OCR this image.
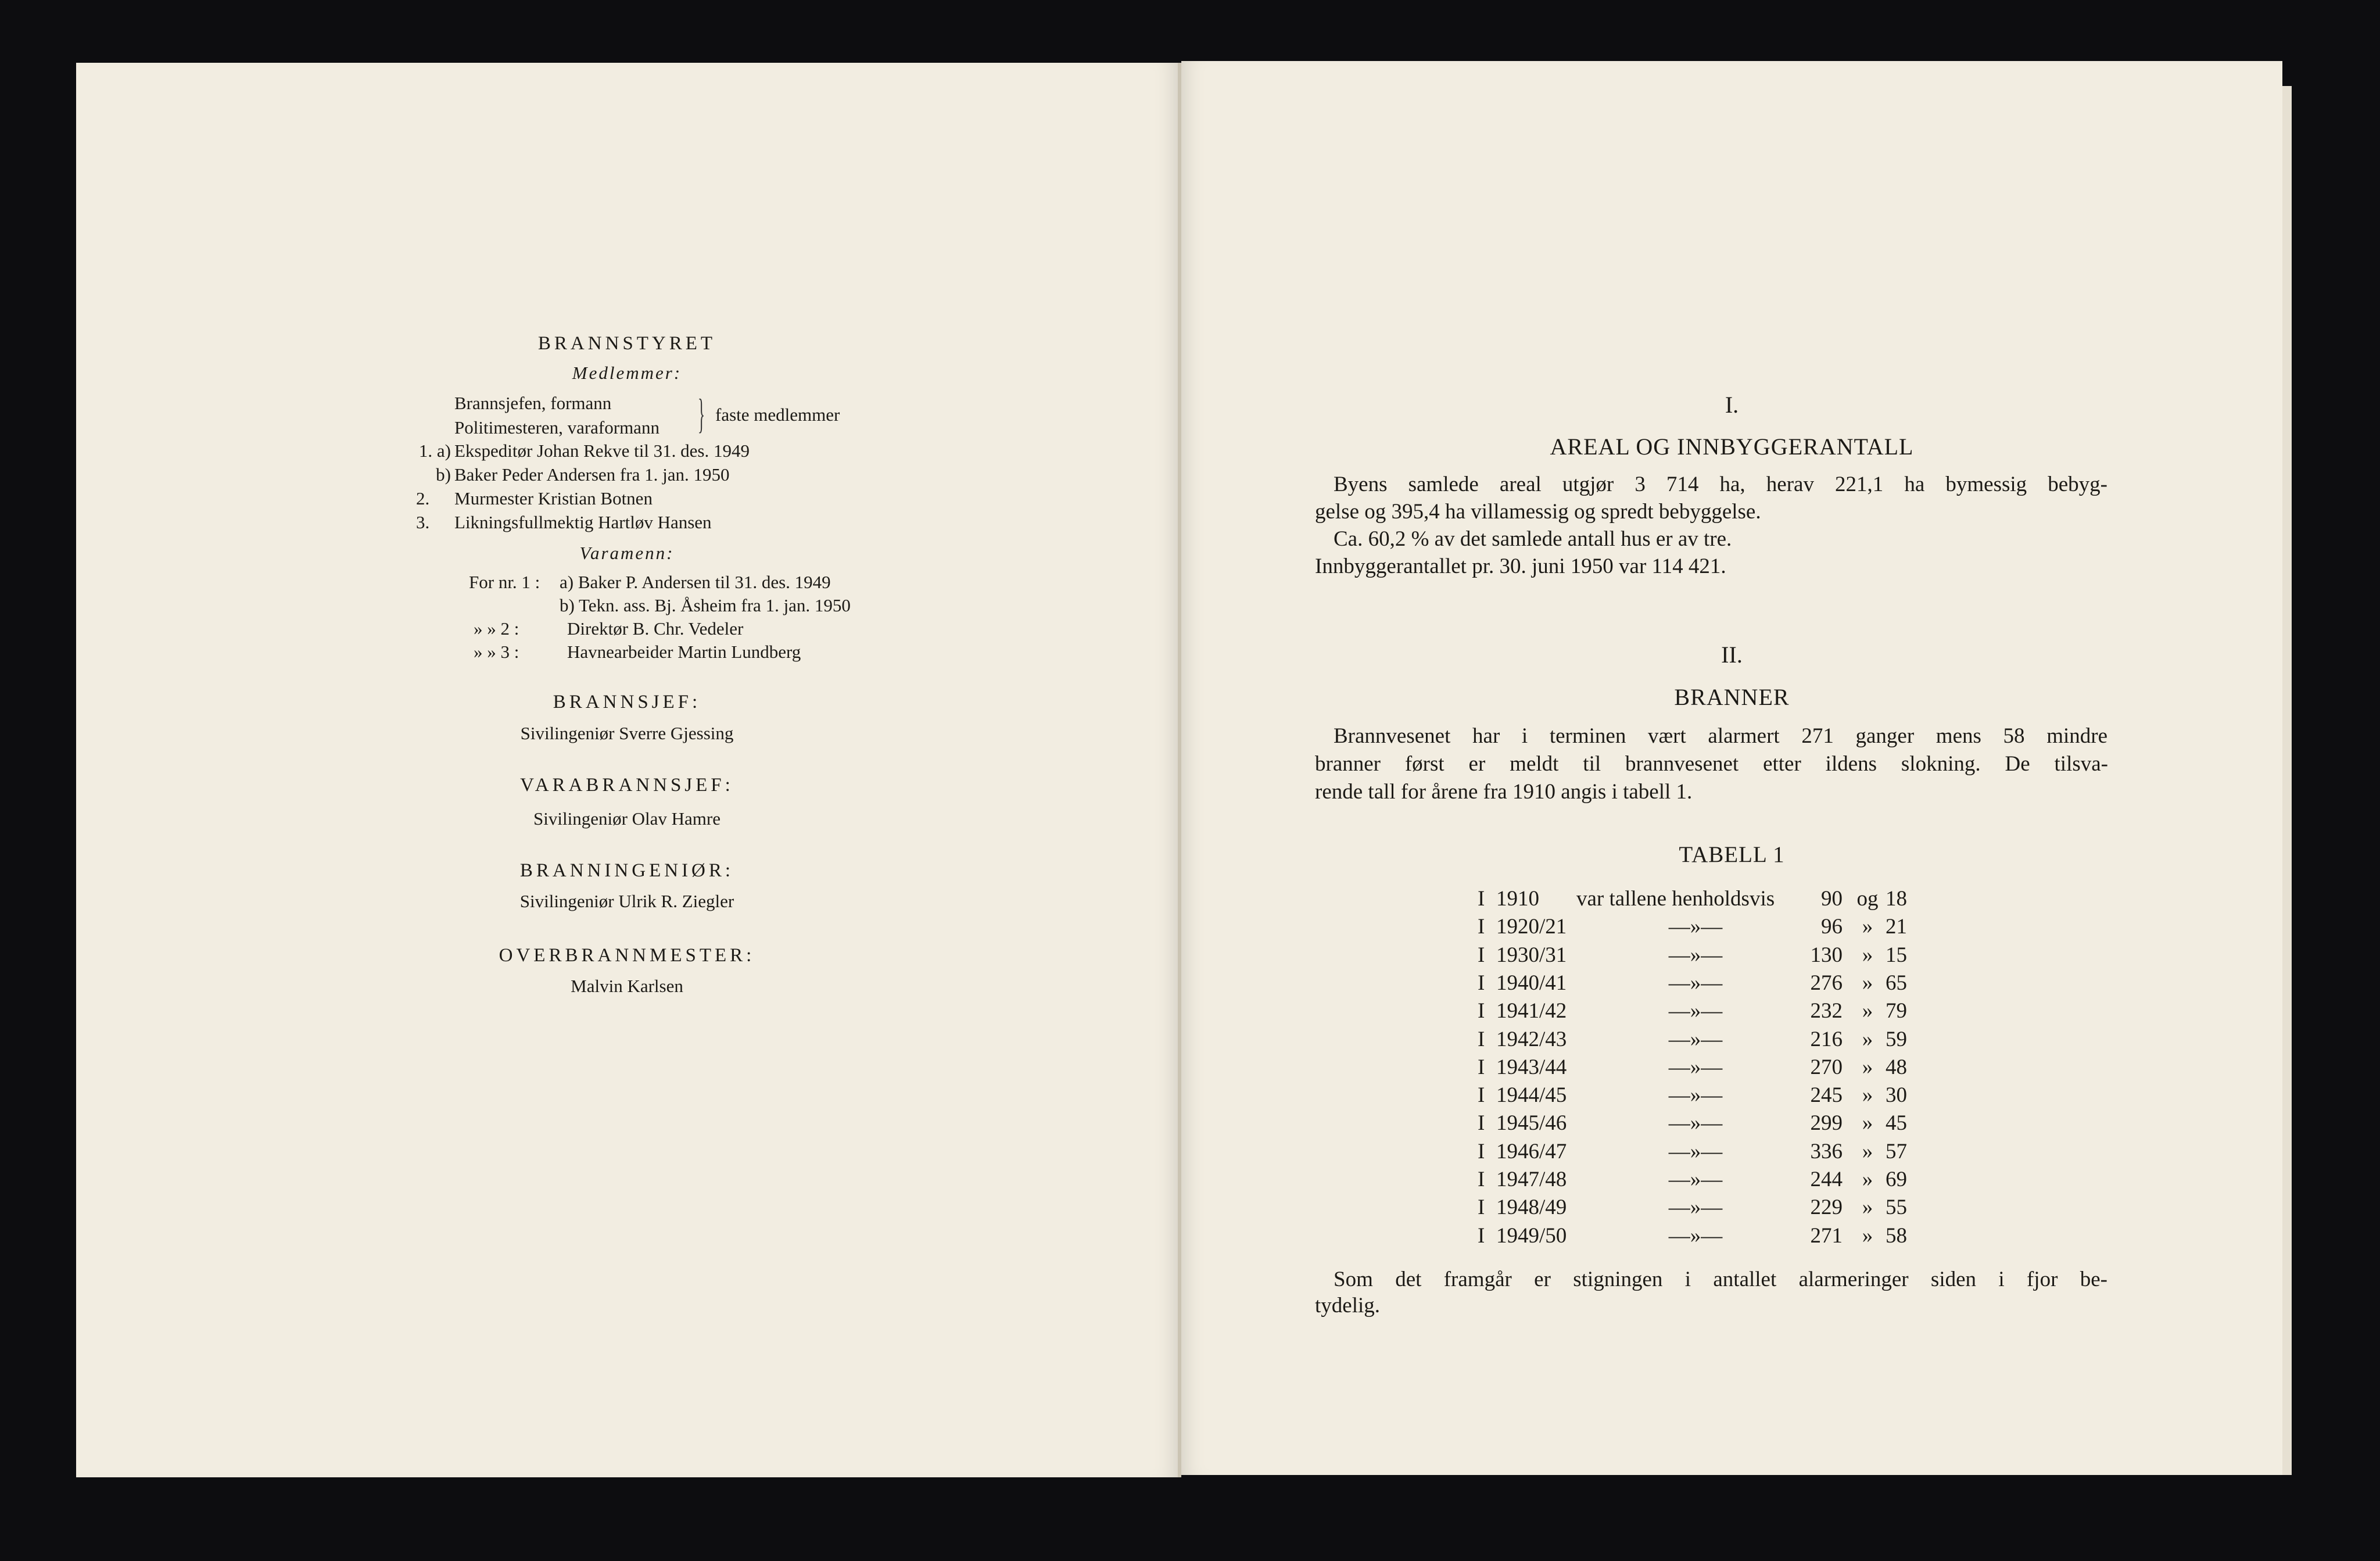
BRANNSTYRET
Medlemmer:
Brannsjefen, formann
Politimesteren, varaformann } faste medlemmer
1. a) Ekspeditør Johan Rekve til 31. des. 1949
b) Baker Peder Andersen fra 1. jan. 1950
2.	Murmester Kristian Botnen
3.	Likningsfullmektig Hartløv Hansen
Varamenn:
For nr. 1 :	a) Baker P. Andersen til 31. des. 1949
b) Tekn. ass. Bj. Åsheim fra 1. jan. 1950
» » 2 :	Direktør B. Chr. Vedeler
» » 3 :	Havnearbeider Martin Lundberg
BRANNSJEF:
Sivilingeniør Sverre Gjessing
VARABRANNSJEF:
Sivilingeniør Olav Hamre
BRANNINGENIØR:
Sivilingeniør Ulrik R. Ziegler
OVERBRANNMESTER:
Malvin Karlsen
I.
AREAL OG INNBYGGERANTALL
Byens samlede areal utgjør 3 714 ha, herav 221,1 ha bymessig bebyg-
gelse og 395,4 ha villamessig og spredt bebyggelse.
Ca. 60,2 % av det samlede antall hus er av tre.
Innbyggerantallet pr. 30. juni 1950 var 114 421.
II.
BRANNER
Brannvesenet har i terminen vært alarmert 271 ganger mens 58 mindre
branner først er meldt til brannvesenet etter ildens slokning. De tilsva-
rende tall for årene fra 1910 angis i tabell 1.
TABELL 1
I 1910	var tallene henholdsvis	90 og 18
I 1920/21	—»—	96 » 21
I 1930/31	—»—	130 » 15
I 1940/41	—»—	276 » 65
I 1941/42	—»—	232 » 79
I 1942/43	—»—	216 » 59
I 1943/44	—»—	270 » 48
I 1944/45	—»—	245 » 30
I 1945/46	—»—	299 » 45
I 1946/47	—»—	336 » 57
I 1947/48	—»—	244 » 69
I 1948/49	—»—	229 » 55
I 1949/50	—»—	271 » 58
Som det framgår er stigningen i antallet alarmeringer siden i fjor be-
tydelig.
